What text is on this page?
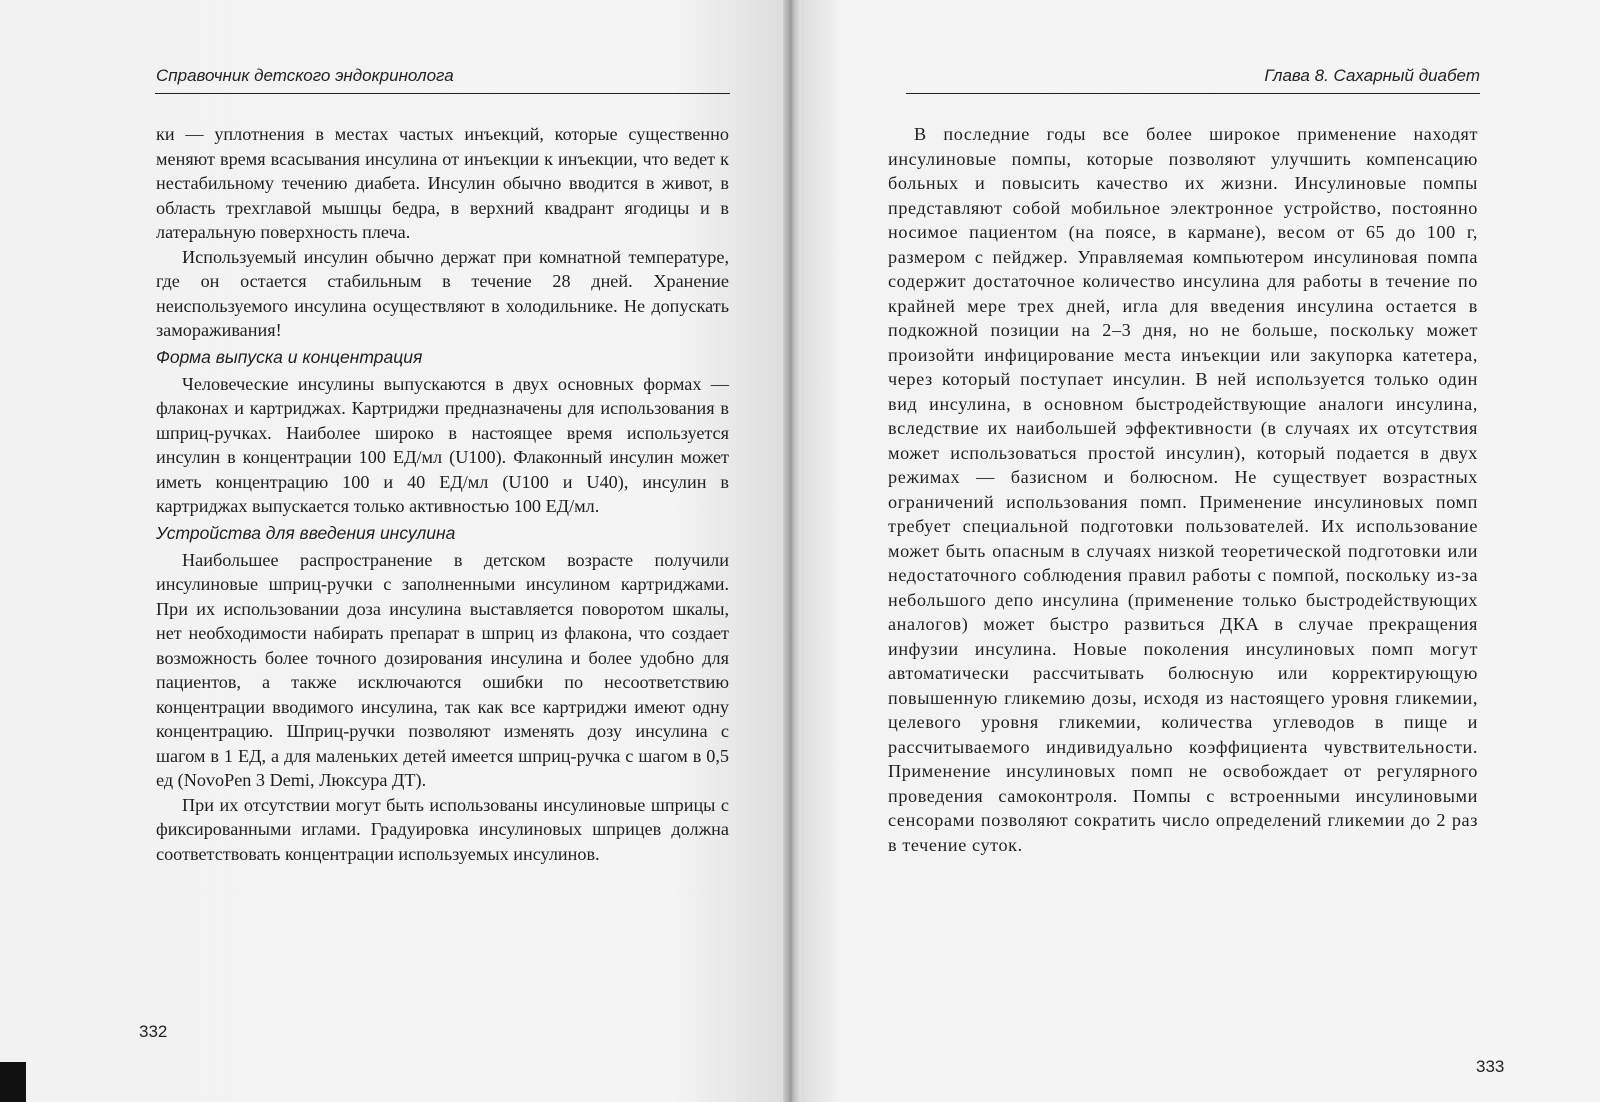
Справочник детского эндокринолога

ки — уплотнения в местах частых инъекций, которые существенно меняют время всасывания инсулина от инъекции к инъекции, что ведет к нестабильному течению диабета. Инсулин обычно вводится в живот, в область трехглавой мышцы бедра, в верхний квадрант ягодицы и в латеральную поверхность плеча.

Используемый инсулин обычно держат при комнатной температуре, где он остается стабильным в течение 28 дней. Хранение неиспользуемого инсулина осуществляют в холодильнике. Не допускать замораживания!

Форма выпуска и концентрация

Человеческие инсулины выпускаются в двух основных формах — флаконах и картриджах. Картриджи предназначены для использования в шприц-ручках. Наиболее широко в настоящее время используется инсулин в концентрации 100 ЕД/мл (U100). Флаконный инсулин может иметь концентрацию 100 и 40 ЕД/мл (U100 и U40), инсулин в картриджах выпускается только активностью 100 ЕД/мл.

Устройства для введения инсулина

Наибольшее распространение в детском возрасте получили инсулиновые шприц-ручки с заполненными инсулином картриджами. При их использовании доза инсулина выставляется поворотом шкалы, нет необходимости набирать препарат в шприц из флакона, что создает возможность более точного дозирования инсулина и более удобно для пациентов, а также исключаются ошибки по несоответствию концентрации вводимого инсулина, так как все картриджи имеют одну концентрацию. Шприц-ручки позволяют изменять дозу инсулина с шагом в 1 ЕД, а для маленьких детей имеется шприц-ручка с шагом в 0,5 ед (NovoPen 3 Demi, Люксура ДТ).

При их отсутствии могут быть использованы инсулиновые шприцы с фиксированными иглами. Градуировка инсулиновых шприцев должна соответствовать концентрации используемых инсулинов.

332
Глава 8. Сахарный диабет

В последние годы все более широкое применение находят инсулиновые помпы, которые позволяют улучшить компенсацию больных и повысить качество их жизни. Инсулиновые помпы представляют собой мобильное электронное устройство, постоянно носимое пациентом (на поясе, в кармане), весом от 65 до 100 г, размером с пейджер. Управляемая компьютером инсулиновая помпа содержит достаточное количество инсулина для работы в течение по крайней мере трех дней, игла для введения инсулина остается в подкожной позиции на 2–3 дня, но не больше, поскольку может произойти инфицирование места инъекции или закупорка катетера, через который поступает инсулин. В ней используется только один вид инсулина, в основном быстродействующие аналоги инсулина, вследствие их наибольшей эффективности (в случаях их отсутствия может использоваться простой инсулин), который подается в двух режимах — базисном и болюсном. Не существует возрастных ограничений использования помп. Применение инсулиновых помп требует специальной подготовки пользователей. Их использование может быть опасным в случаях низкой теоретической подготовки или недостаточного соблюдения правил работы с помпой, поскольку из-за небольшого депо инсулина (применение только быстродействующих аналогов) может быстро развиться ДКА в случае прекращения инфузии инсулина. Новые поколения инсулиновых помп могут автоматически рассчитывать болюсную или корректирующую повышенную гликемию дозы, исходя из настоящего уровня гликемии, целевого уровня гликемии, количества углеводов в пище и рассчитываемого индивидуально коэффициента чувствительности. Применение инсулиновых помп не освобождает от регулярного проведения самоконтроля. Помпы с встроенными инсулиновыми сенсорами позволяют сократить число определений гликемии до 2 раз в течение суток.

333
